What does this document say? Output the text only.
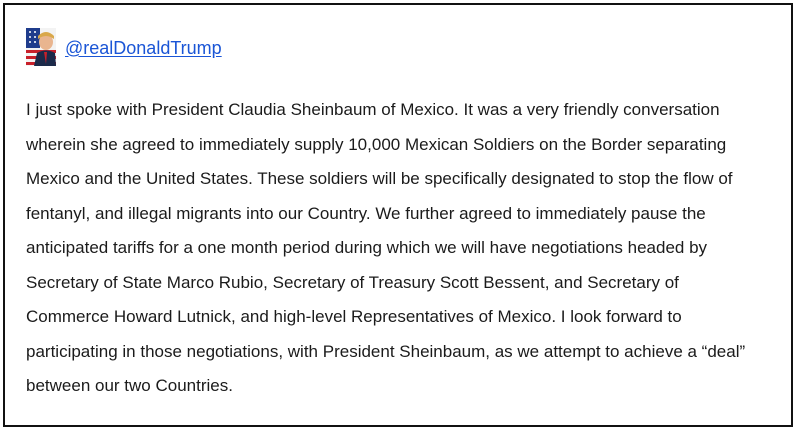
@realDonaldTrump

I just spoke with President Claudia Sheinbaum of Mexico. It was a very friendly conversation
wherein she agreed to immediately supply 10,000 Mexican Soldiers on the Border separating
Mexico and the United States. These soldiers will be specifically designated to stop the flow of
fentanyl, and illegal migrants into our Country. We further agreed to immediately pause the
anticipated tariffs for a one month period during which we will have negotiations headed by
Secretary of State Marco Rubio, Secretary of Treasury Scott Bessent, and Secretary of
Commerce Howard Lutnick, and high-level Representatives of Mexico. I look forward to
participating in those negotiations, with President Sheinbaum, as we attempt to achieve a “deal”
between our two Countries.
